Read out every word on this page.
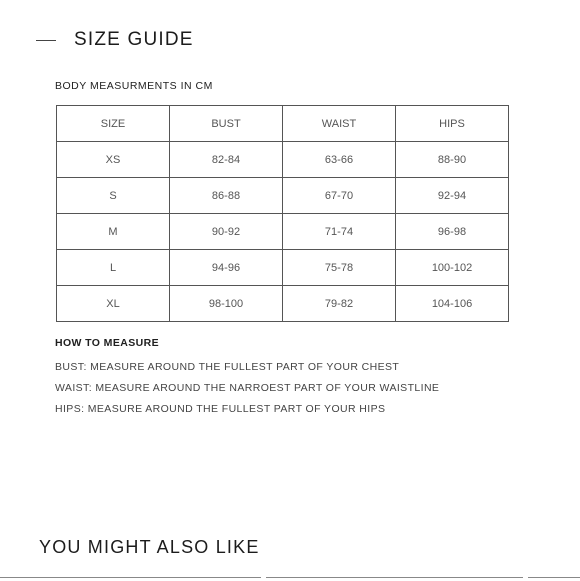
SIZE GUIDE
BODY MEASURMENTS IN CM
SIZE	BUST	WAIST	HIPS
XS	82-84	63-66	88-90
S	86-88	67-70	92-94
M	90-92	71-74	96-98
L	94-96	75-78	100-102
XL	98-100	79-82	104-106
HOW TO MEASURE
BUST: MEASURE AROUND THE FULLEST PART OF YOUR CHEST
WAIST: MEASURE AROUND THE NARROEST PART OF YOUR WAISTLINE
HIPS: MEASURE AROUND THE FULLEST PART OF YOUR HIPS
YOU MIGHT ALSO LIKE
